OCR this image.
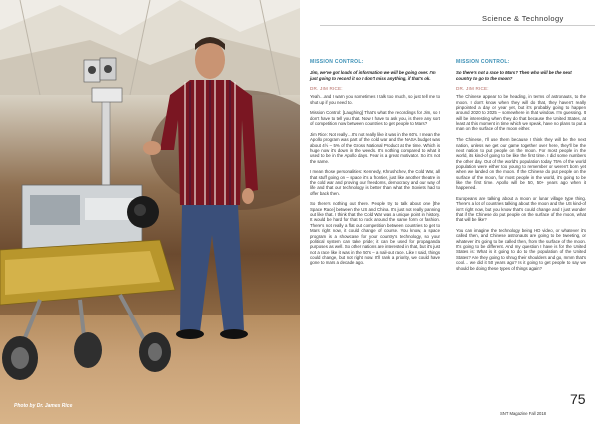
Photo by Dr. James Rice
Science & Technology
MISSION CONTROL:
Jim, we've got loads of information we will be going over. I'm just going to record it so I don't miss anything, if that's ok.
DR. JIM RICE:

Yeah…and I warn you sometimes I talk too much, so just tell me to shut up if you need to.

Mission Control: [Laughing] That's what the recordings for Jim, so I don't have to tell you that. Now I have to ask you, is there any sort of competition now between countries to get people to Mars?

Jim Rice: Not really…It's not really like it was in the 60's. I mean the Apollo program was part of the cold war and the NASA budget was about 4½ – 5% of the Gross National Product at the time. Which is huge now it's down in the weeds. It's nothing compared to what it used to be in the Apollo days. Fear is a great motivator. So it's not the same.

I mean those personalities: Kennedy, Khrushchev, the Cold War, all that stuff going on – space it's a frontier, just like another theatre in the cold war and proving our freedoms, democracy and our way of life and that our technology is better than what the Soviets had to offer back then.

So there's nothing out there. People try to talk about one [the Space Race] between the US and China. It's just not really panning out like that. I think that the Cold War was a unique point in history. It would be hard for that to rock around the same form or fashion. There's not really a flat out competition between countries to get to Mars right now, it could change of course. You know, a space program is a showcase for your country's technology, so your political system can take pride; it can be used for propaganda purposes as well. So other nations are interested in that, but it's just not a race like it was in the 50's – a nail-out race. Like I said, things could change, but not right now. It'll rank a priority, we could have gone to mars a decade ago.

MISSION CONTROL:
So there's not a race to Mars? Then who will be the next country to go to the moon?
DR. JIM RICE:

The Chinese appear to be heading, in terms of astronauts, to the moon. I don't know when they will do that, they haven't really pinpointed a day or year yet, but it's probably going to happen around 2020 to 2025 – somewhere in that window. I'm guessing. It will be interesting when they do that because the United States, at least at this moment in time which we speak, have no plans to put a man on the surface of the moon either.

The Chinese, I'll use them because I think they will be the next nation, unless we get our game together over here, they'll be the next nation to put people on the moon. For most people in the world, its kind-of going to be like the first time. I did some numbers the other day. Out of the world's population today 75% of the world population were either too young to remember or weren't born yet when we landed on the moon. If the Chinese do put people on the surface of the moon, for most people in the world, it's going to be like the first time. Apollo will be 50, 50+ years ago when it happened.

Europeans are talking about a moon or lunar village type thing. There's a lot of countries talking about the moon and the US kind-of isn't right now, but you know that's could change and I just wonder that if the Chinese do put people on the surface of the moon, what that will be like?

You can imagine the technology being HD video, or whatever it's called then, and Chinese astronauts are going to be tweeting, or whatever it's going to be called then, from the surface of the moon. It's going to be different. And my question I have is for the United States is: What is it going to do to the population of the United States? Are they going to shrug their shoulders and go, mmm that's cool… we did it 50 years ago? Is it going to get people to say we should be doing these types of things again?

75
SNT Magazine Fall 2018
